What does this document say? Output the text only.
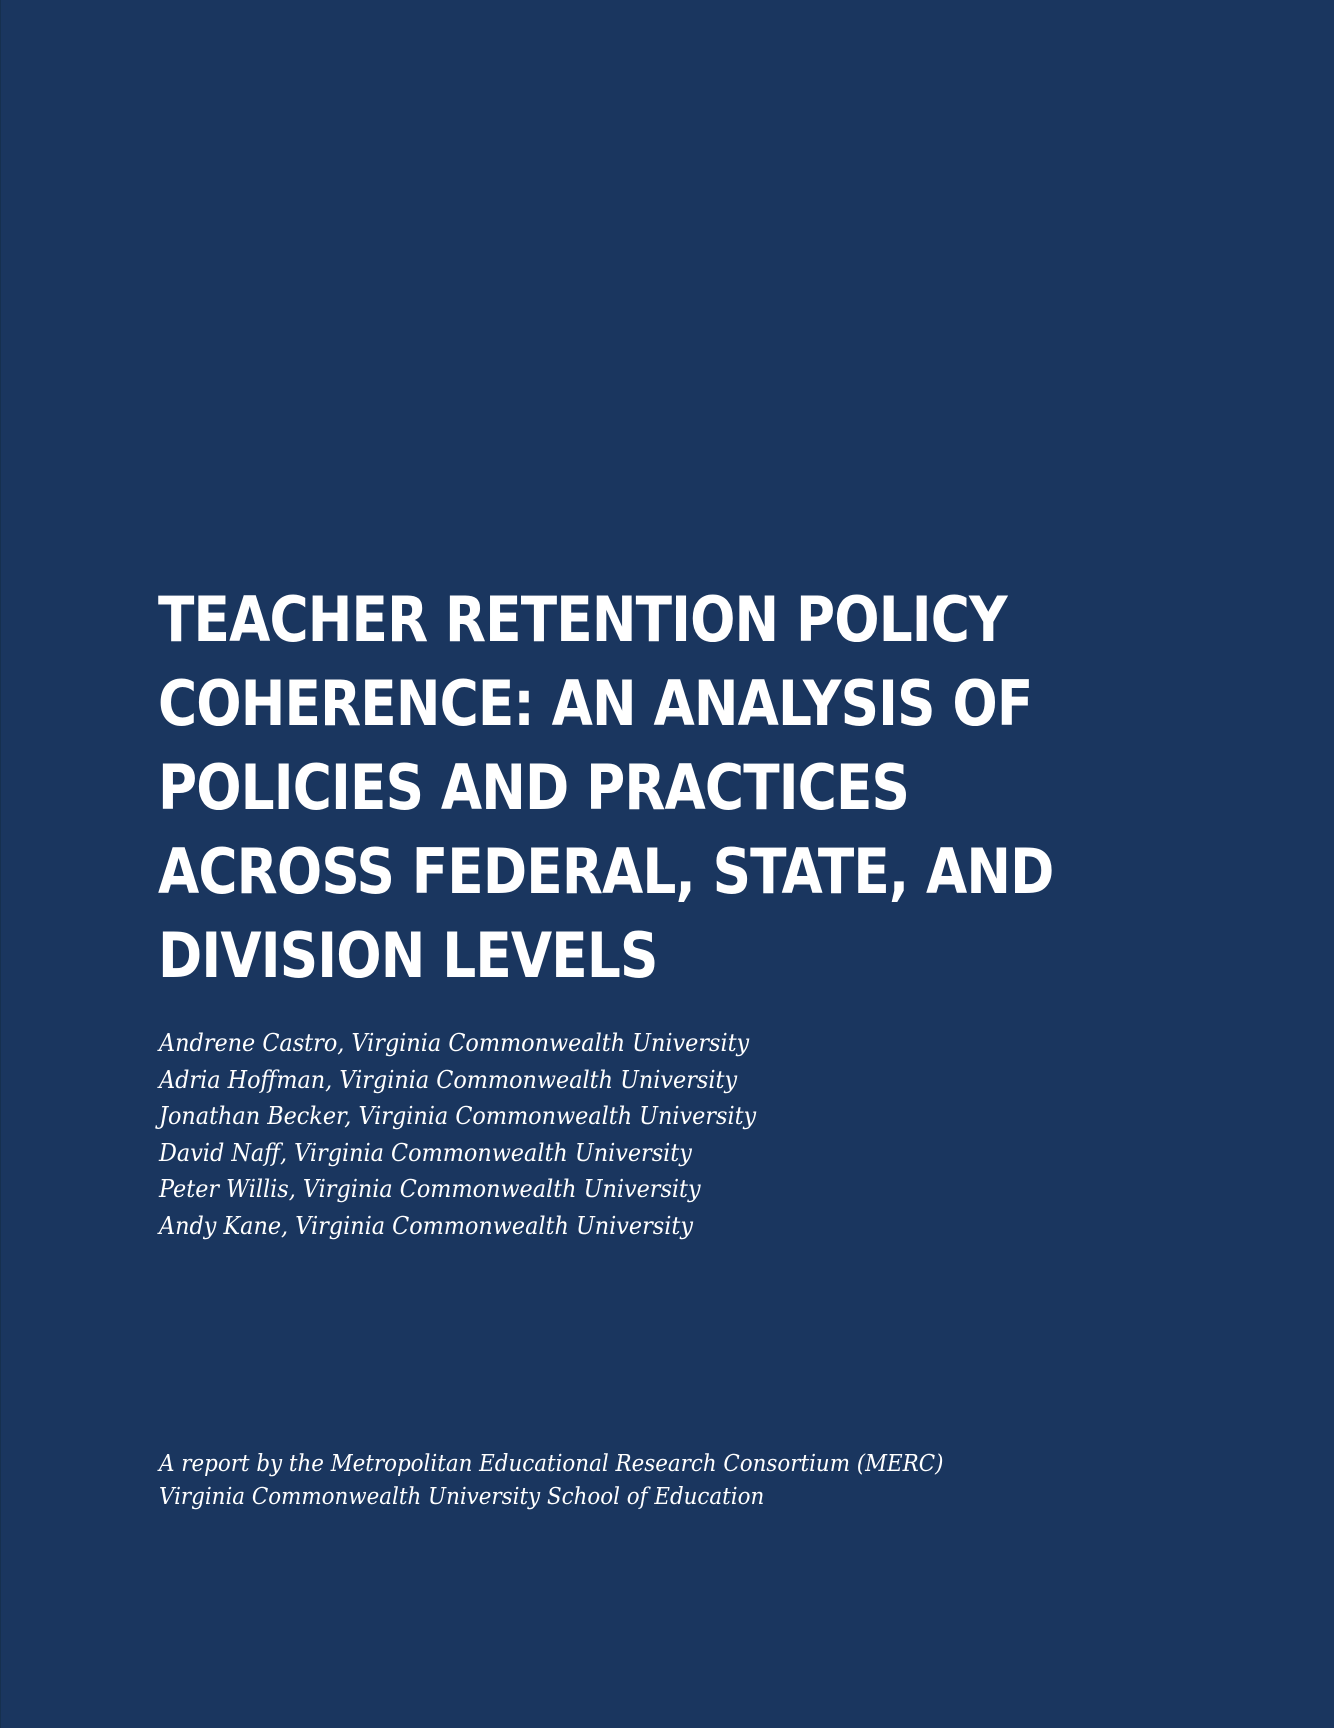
TEACHER RETENTION POLICY
COHERENCE: AN ANALYSIS OF
POLICIES AND PRACTICES
ACROSS FEDERAL, STATE, AND
DIVISION LEVELS
Andrene Castro, Virginia Commonwealth University
Adria Hoffman, Virginia Commonwealth University
Jonathan Becker, Virginia Commonwealth University
David Naff, Virginia Commonwealth University
Peter Willis, Virginia Commonwealth University
Andy Kane, Virginia Commonwealth University
A report by the Metropolitan Educational Research Consortium (MERC)
Virginia Commonwealth University School of Education
